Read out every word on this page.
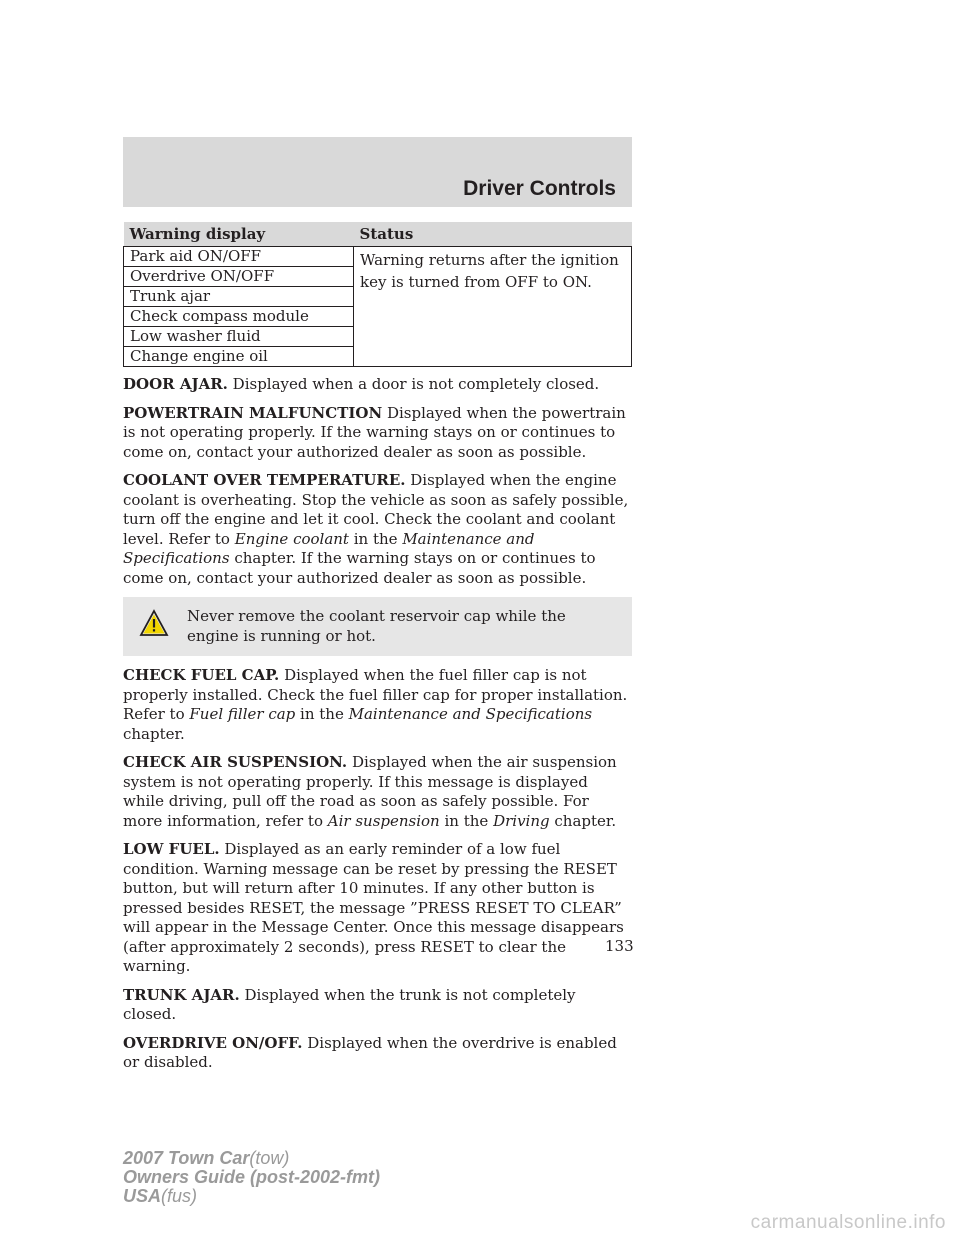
Driver Controls
Warning display	Status
Park aid ON/OFF	Warning returns after the ignition key is turned from OFF to ON.
Overdrive ON/OFF	
Trunk ajar	
Check compass module	
Low washer fluid	
Change engine oil	

DOOR AJAR. Displayed when a door is not completely closed.

POWERTRAIN MALFUNCTION Displayed when the powertrain is not operating properly. If the warning stays on or continues to come on, contact your authorized dealer as soon as possible.

COOLANT OVER TEMPERATURE. Displayed when the engine coolant is overheating. Stop the vehicle as soon as safely possible, turn off the engine and let it cool. Check the coolant and coolant level. Refer to Engine coolant in the Maintenance and Specifications chapter. If the warning stays on or continues to come on, contact your authorized dealer as soon as possible.

Never remove the coolant reservoir cap while the engine is running or hot.

CHECK FUEL CAP. Displayed when the fuel filler cap is not properly installed. Check the fuel filler cap for proper installation. Refer to Fuel filler cap in the Maintenance and Specifications chapter.

CHECK AIR SUSPENSION. Displayed when the air suspension system is not operating properly. If this message is displayed while driving, pull off the road as soon as safely possible. For more information, refer to Air suspension in the Driving chapter.

LOW FUEL. Displayed as an early reminder of a low fuel condition. Warning message can be reset by pressing the RESET button, but will return after 10 minutes. If any other button is pressed besides RESET, the message ”PRESS RESET TO CLEAR” will appear in the Message Center. Once this message disappears (after approximately 2 seconds), press RESET to clear the warning.

TRUNK AJAR. Displayed when the trunk is not completely closed.

OVERDRIVE ON/OFF. Displayed when the overdrive is enabled or disabled.

133
2007 Town Car(tow)
Owners Guide (post-2002-fmt)
USA(fus)
carmanualsonline.info
